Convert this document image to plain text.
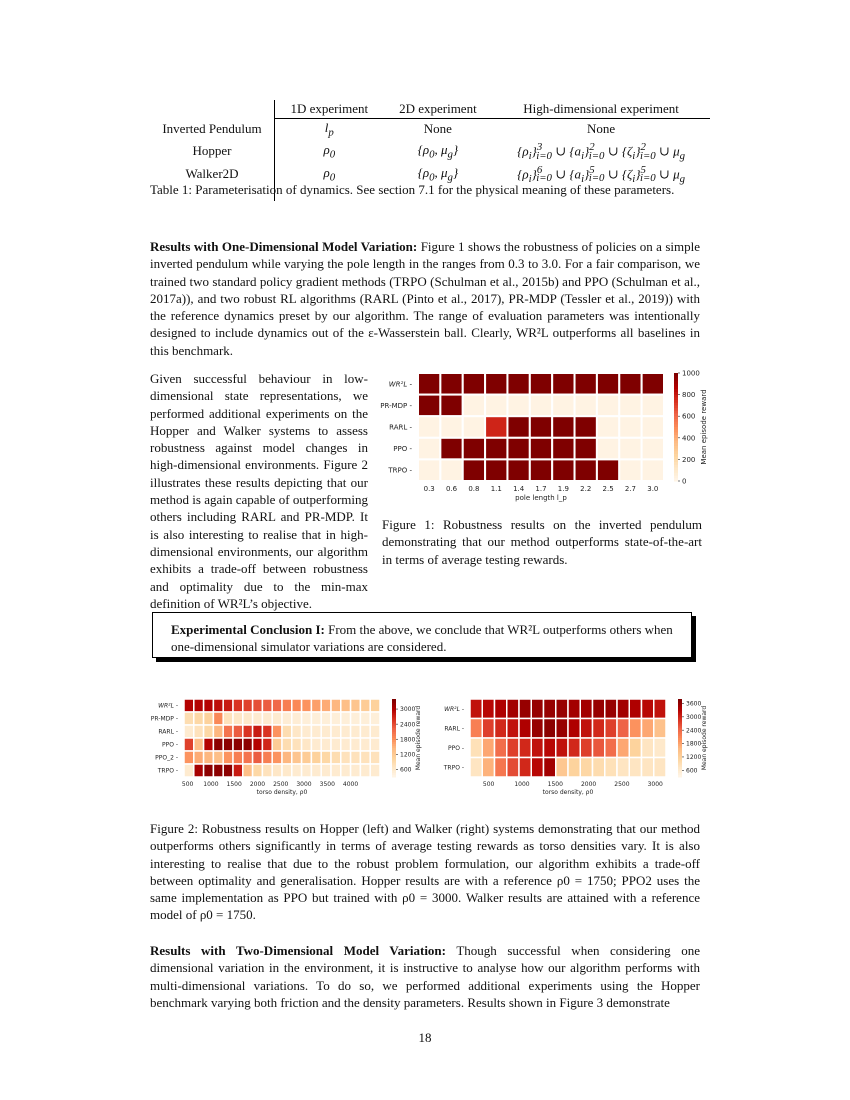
	1D experiment	2D experiment	High-dimensional experiment
Inverted Pendulum	$l_p$	None	None
Hopper	$\rho_0$	{$\rho_0$, $\mu_g$}	$\{\rho_i\}^3_{i=0}$ ∪ $\{a_i\}^2_{i=0}$ ∪ $\{\zeta_i\}^2_{i=0}$ ∪ $\mu_g$
Walker2D	$\rho_0$	{$\rho_0$, $\mu_g$}	$\{\rho_i\}^6_{i=0}$ ∪ $\{a_i\}^5_{i=0}$ ∪ $\{\zeta_i\}^5_{i=0}$ ∪ $\mu_g$

Table 1: Parameterisation of dynamics. See section 7.1 for the physical meaning of these parameters.
Results with One-Dimensional Model Variation: Figure 1 shows the robustness of policies on a simple inverted pendulum while varying the pole length in the ranges from 0.3 to 3.0. For a fair comparison, we trained two standard policy gradient methods (TRPO (Schulman et al., 2015b) and PPO (Schulman et al., 2017a)), and two robust RL algorithms (RARL (Pinto et al., 2017), PR-MDP (Tessler et al., 2019)) with the reference dynamics preset by our algorithm. The range of evaluation parameters was intentionally designed to include dynamics out of the ε-Wasserstein ball. Clearly, WR²L outperforms all baselines in this benchmark.
Given successful behaviour in low-dimensional state representations, we performed additional experiments on the Hopper and Walker systems to assess robustness against model changes in high-dimensional environments. Figure 2 illustrates these results depicting that our method is again capable of outperforming others including RARL and PR-MDP. It is also interesting to realise that in high-dimensional environments, our algorithm exhibits a trade-off between robustness and optimality due to the min-max definition of WR²L’s objective.
WR²L -
PR-MDP -
RARL -
PPO -
TRPO -
0.3 0.6 0.8 1.1 1.4 1.7 1.9 2.2 2.5 2.7 3.0
pole length l_p
0
200
400
600
800
1000
Mean episode reward
Figure 1: Robustness results on the inverted pendulum demonstrating that our method outperforms state-of-the-art in terms of average testing rewards.
Experimental Conclusion I: From the above, we conclude that WR²L outperforms others when one-dimensional simulator variations are considered.
WR²L -
PR-MDP -
RARL -
PPO -
PPO_2 -
TRPO -
500 1000 1500 2000 2500 3000 3500 4000
torso density, ρ0
600
1200
1800
2400
3000 Mean episode reward	WR²L -
RARL -
PPO -
TRPO -
500	1000	1500	2000	2500	3000
torso density, ρ0
600
1200
1800
2400
3000
3600
Mean episode reward
Figure 2: Robustness results on Hopper (left) and Walker (right) systems demonstrating that our method outperforms others significantly in terms of average testing rewards as torso densities vary. It is also interesting to realise that due to the robust problem formulation, our algorithm exhibits a trade-off between optimality and generalisation. Hopper results are with a reference ρ0 = 1750; PPO2 uses the same implementation as PPO but trained with ρ0 = 3000. Walker results are attained with a reference model of ρ0 = 1750.
Results with Two-Dimensional Model Variation: Though successful when considering one dimensional variation in the environment, it is instructive to analyse how our algorithm performs with multi-dimensional variations. To do so, we performed additional experiments using the Hopper benchmark varying both friction and the density parameters. Results shown in Figure 3 demonstrate
18
